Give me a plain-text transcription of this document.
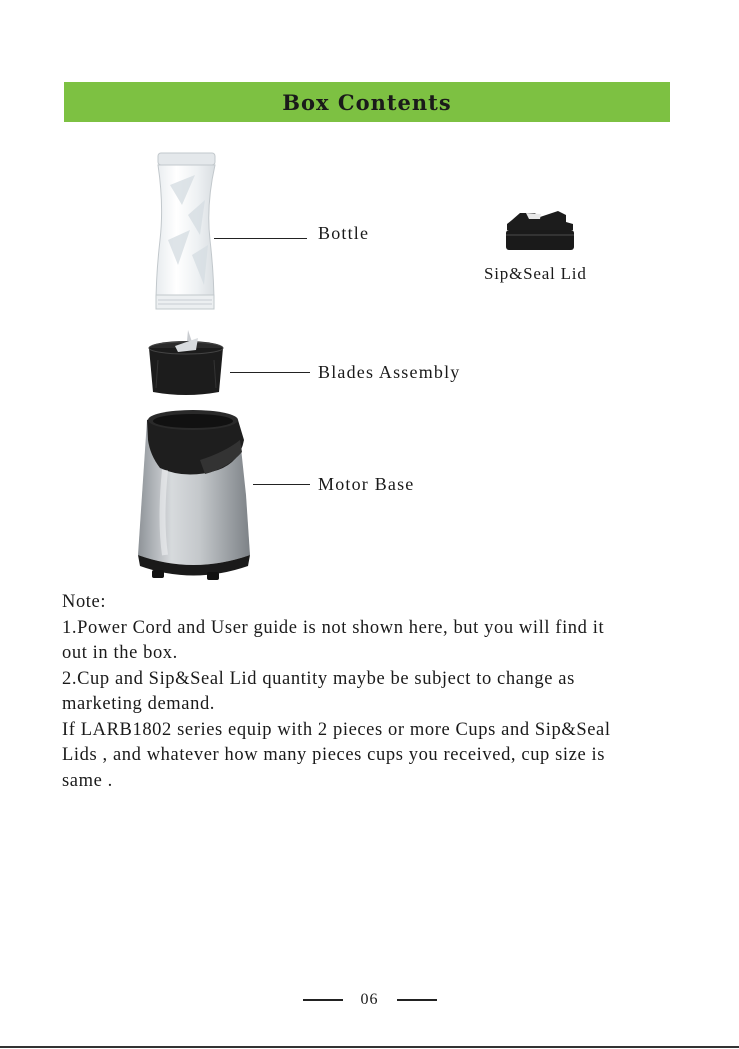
Box Contents
Bottle
Sip&Seal Lid
Blades Assembly
Motor Base

Note:

1.Power Cord and User guide is not shown here, but you will find it

out in the box.

2.Cup and Sip&Seal Lid quantity maybe be subject to change as

marketing demand.

If LARB1802 series equip with 2 pieces or more Cups and Sip&Seal

Lids , and whatever how many pieces cups you received, cup size is

same .

06
